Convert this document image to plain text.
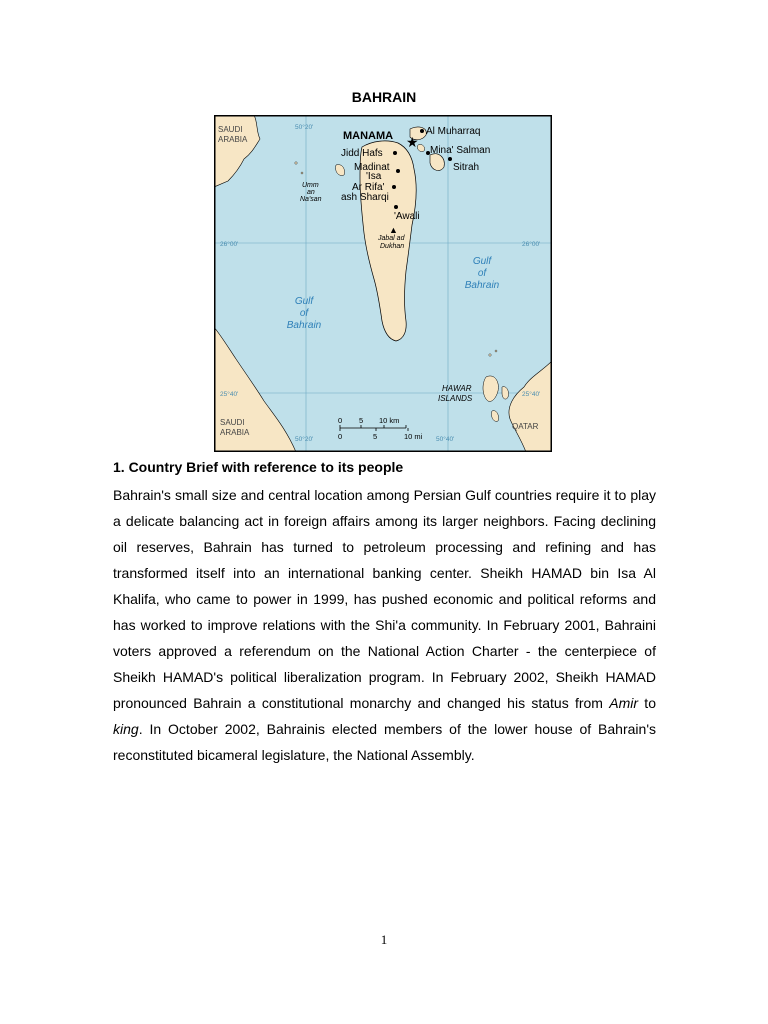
BAHRAIN
★
▲
MANAMA	Al Muharraq
Mina' Salman
Jidd Hafs
Madinat
'Isa
Sitrah
Ar Rifa'
ash Sharqi
'Awali
Jabal ad
Dukhan
Umm
an
Na'san
HAWAR
ISLANDS
SAUDI
ARABIA
SAUDI
ARABIA
QATAR
Gulf
of
Bahrain
Gulf
of
Bahrain
50°20'
50°20'	50°40'
26°00'	26°00'
25°40'	25°40'
0 5 10 km
0	5	10 mi
1. Country Brief with reference to its people
Bahrain's small size and central location among Persian Gulf countries require it to play a delicate balancing act in foreign affairs among its larger neighbors. Facing declining oil reserves, Bahrain has turned to petroleum processing and refining and has transformed itself into an international banking center. Sheikh HAMAD bin Isa Al Khalifa, who came to power in 1999, has pushed economic and political reforms and has worked to improve relations with the Shi'a community. In February 2001, Bahraini voters approved a referendum on the National Action Charter - the centerpiece of Sheikh HAMAD's political liberalization program. In February 2002, Sheikh HAMAD pronounced Bahrain a constitutional monarchy and changed his status from Amir to king. In October 2002, Bahrainis elected members of the lower house of Bahrain's reconstituted bicameral legislature, the National Assembly.
1
